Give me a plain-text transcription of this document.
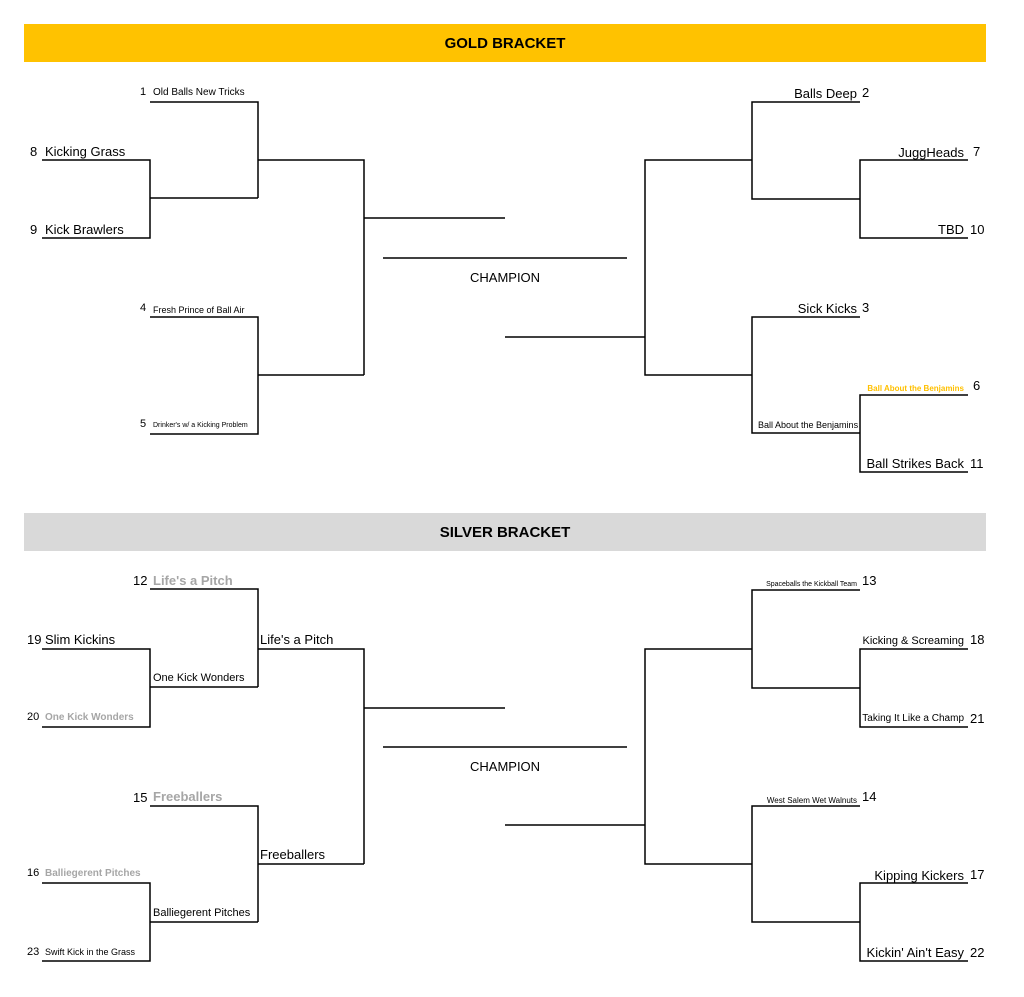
GOLD BRACKET
SILVER BRACKET
1 Old Balls New Tricks
8 Kicking Grass
9 Kick Brawlers
4 Fresh Prince of Ball Air
5 Drinker's w/ a Kicking Problem
CHAMPION
Balls Deep 2
JuggHeads 7
TBD 10
Sick Kicks 3
Ball About the Benjamins 6
Ball About the Benjamins
Ball Strikes Back 11
12 Life's a Pitch
Life's a Pitch
19 Slim Kickins
One Kick Wonders
20 One Kick Wonders
15 Freeballers
Freeballers
16 Balliegerent Pitches
Balliegerent Pitches
23 Swift Kick in the Grass
CHAMPION
Spaceballs the Kickball Team 13
Kicking & Screaming 18
Taking It Like a Champ 21
West Salem Wet Walnuts 14
Kipping Kickers 17
Kickin' Ain't Easy 22
